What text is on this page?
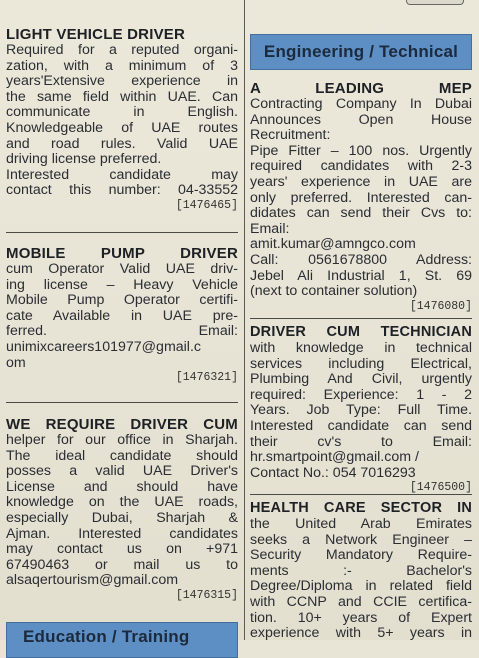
LIGHT VEHICLE DRIVER
Required for a reputed organi-
zation, with a minimum of 3
years'Extensive experience in
the same field within UAE. Can
communicate in English.
Knowledgeable of UAE routes
and road rules. Valid UAE
driving license preferred.
Interested candidate may
contact this number: 04-33552
[1476465]
MOBILE PUMP DRIVER
cum Operator Valid UAE driv-
ing license – Heavy Vehicle
Mobile Pump Operator certifi-
cate Available in UAE pre-
ferred. Email:
unimixcareers101977@gmail.c
om
[1476321]
WE REQUIRE DRIVER CUM
helper for our office in Sharjah.
The ideal candidate should
posses a valid UAE Driver's
License and should have
knowledge on the UAE roads,
especially Dubai, Sharjah &
Ajman. Interested candidates
may contact us on +971
67490463 or mail us to
alsaqertourism@gmail.com
[1476315]
Education / Training
Engineering / Technical
A LEADING MEP
Contracting Company In Dubai
Announces Open House
Recruitment:
Pipe Fitter – 100 nos. Urgently
required candidates with 2-3
years' experience in UAE are
only preferred. Interested can-
didates can send their Cvs to:
Email:
amit.kumar@amngco.com
Call: 0561678800 Address:
Jebel Ali Industrial 1, St. 69
(next to container solution)
[1476080]
DRIVER CUM TECHNICIAN
with knowledge in technical
services including Electrical,
Plumbing And Civil, urgently
required: Experience: 1 - 2
Years. Job Type: Full Time.
Interested candidate can send
their cv's to Email:
hr.smartpoint@gmail.com /
Contact No.: 054 7016293
[1476500]
HEALTH CARE SECTOR IN
the United Arab Emirates
seeks a Network Engineer –
Security Mandatory Require-
ments :- Bachelor's
Degree/Diploma in related field
with CCNP and CCIE certifica-
tion. 10+ years of Expert
experience with 5+ years in
